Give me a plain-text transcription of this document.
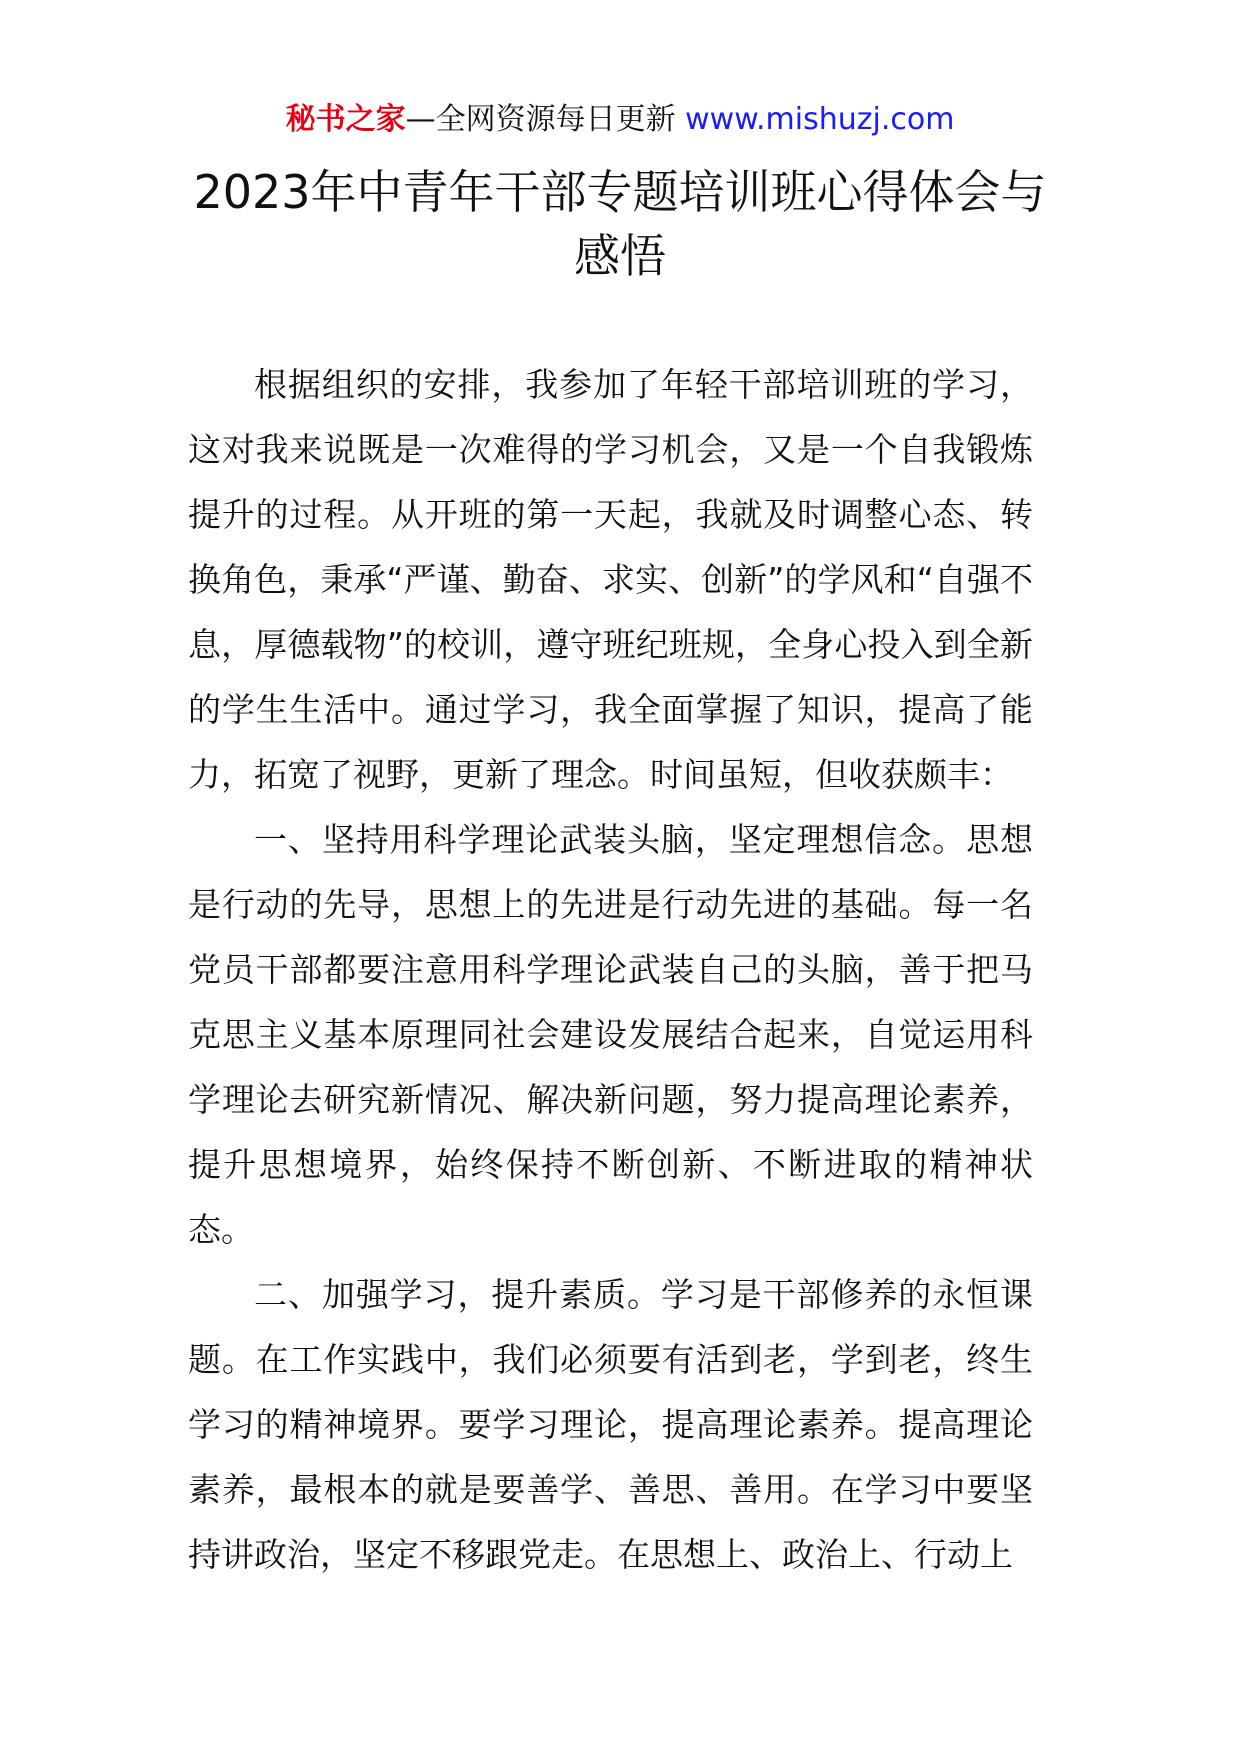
秘书之家—全网资源每日更新 www.mishuzj.com
2023年中青年干部专题培训班心得体会与
感悟

根据组织的安排，我参加了年轻干部培训班的学习，这对我来说既是一次难得的学习机会，又是一个自我锻炼提升的过程。从开班的第一天起，我就及时调整心态、转换角色，秉承“严谨、勤奋、求实、创新”的学风和“自强不息，厚德载物”的校训，遵守班纪班规，全身心投入到全新的学生生活中。通过学习，我全面掌握了知识，提高了能力，拓宽了视野，更新了理念。时间虽短，但收获颇丰：

一、坚持用科学理论武装头脑，坚定理想信念。思想是行动的先导，思想上的先进是行动先进的基础。每一名党员干部都要注意用科学理论武装自己的头脑，善于把马克思主义基本原理同社会建设发展结合起来，自觉运用科学理论去研究新情况、解决新问题，努力提高理论素养，提升思想境界，始终保持不断创新、不断进取的精神状态。

二、加强学习，提升素质。学习是干部修养的永恒课题。在工作实践中，我们必须要有活到老，学到老，终生学习的精神境界。要学习理论，提高理论素养。提高理论素养，最根本的就是要善学、善思、善用。在学习中要坚持讲政治，坚定不移跟党走。在思想上、政治上、行动上
